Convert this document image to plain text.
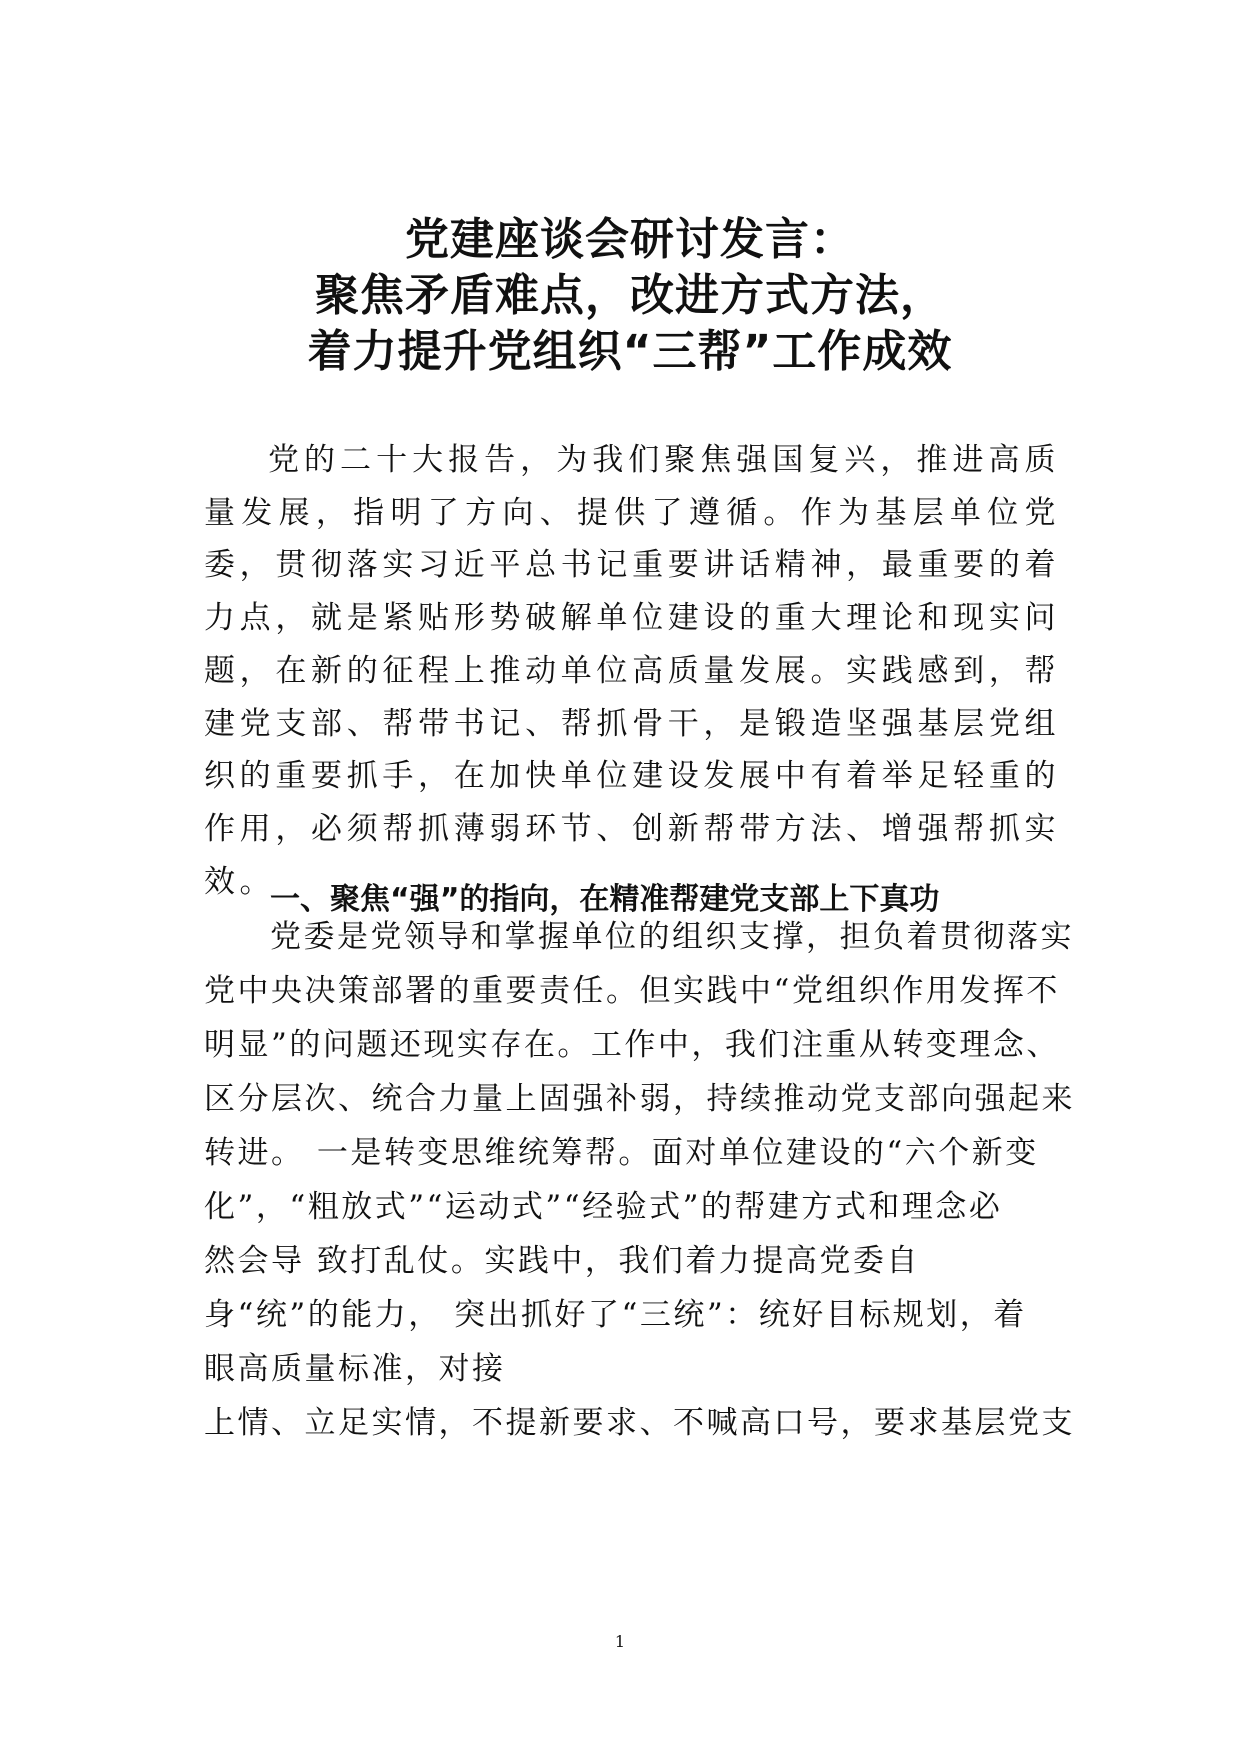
党建座谈会研讨发言：
聚焦矛盾难点，改进方式方法，
着力提升党组织“三帮”工作成效

党的二十大报告，为我们聚焦强国复兴，推进高质量发展，指明了方向、提供了遵循。作为基层单位党委，贯彻落实习近平总书记重要讲话精神，最重要的着力点，就是紧贴形势破解单位建设的重大理论和现实问题，在新的征程上推动单位高质量发展。实践感到，帮建党支部、帮带书记、帮抓骨干，是锻造坚强基层党组织的重要抓手，在加快单位建设发展中有着举足轻重的作用，必须帮抓薄弱环节、创新帮带方法、增强帮抓实效。

一、聚焦“强”的指向，在精准帮建党支部上下真功
党委是党领导和掌握单位的组织支撑，担负着贯彻落实
党中央决策部署的重要责任。但实践中“党组织作用发挥不
明显”的问题还现实存在。工作中，我们注重从转变理念、
区分层次、统合力量上固强补弱，持续推动党支部向强起来
转进。 一是转变思维统筹帮。面对单位建设的“六个新变
化”，“粗放式”“运动式”“经验式”的帮建方式和理念必
然会导 致打乱仗。实践中，我们着力提高党委自
身“统”的能力， 突出抓好了“三统”：统好目标规划，着
眼高质量标准，对接
上情、立足实情，不提新要求、不喊高口号，要求基层党支
1
